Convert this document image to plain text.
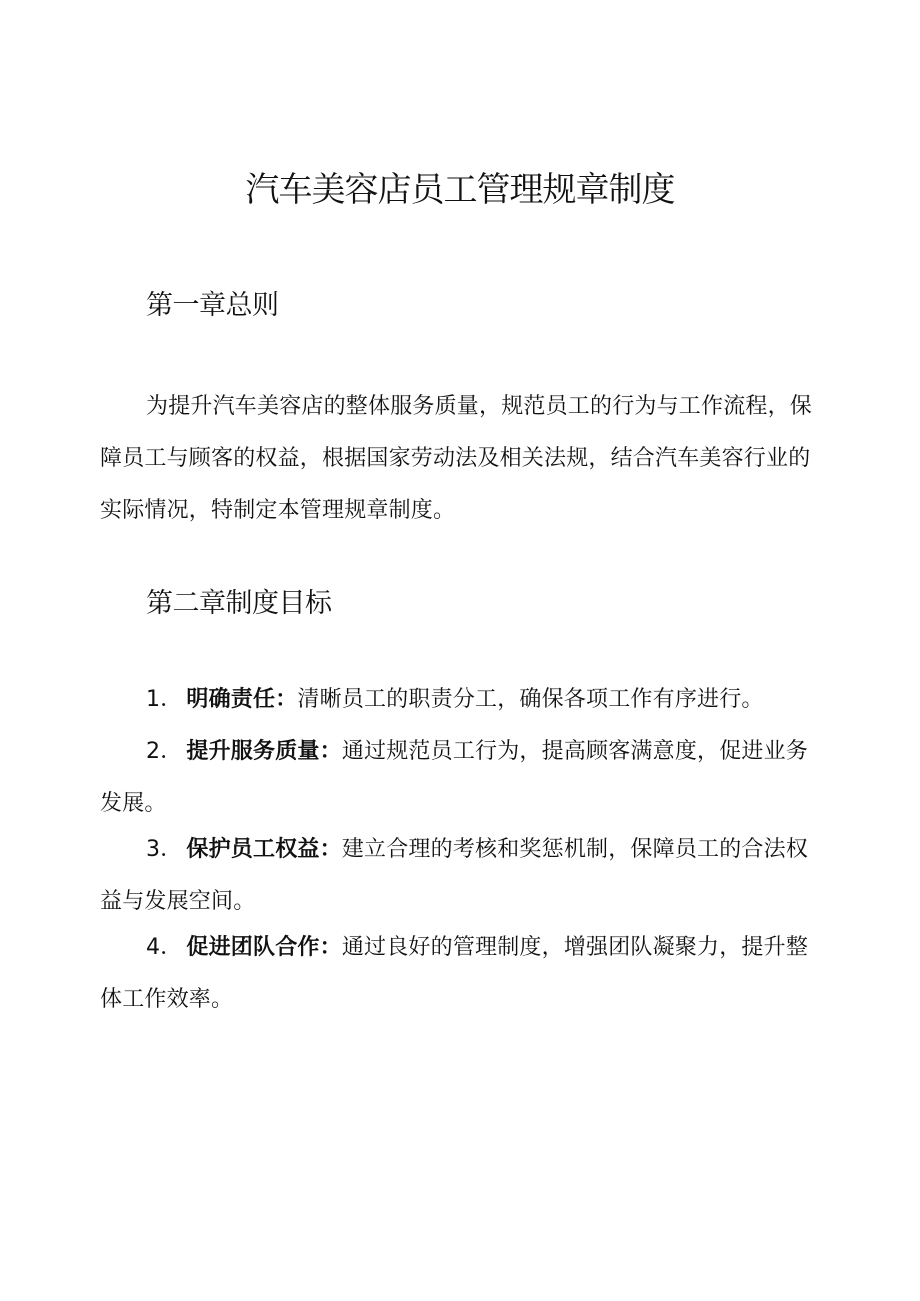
汽车美容店员工管理规章制度
第一章总则

为提升汽车美容店的整体服务质量，规范员工的行为与工作流程，保障员工与顾客的权益，根据国家劳动法及相关法规，结合汽车美容行业的实际情况，特制定本管理规章制度。

第二章制度目标

1． 明确责任：清晰员工的职责分工，确保各项工作有序进行。

2． 提升服务质量：通过规范员工行为，提高顾客满意度，促进业务发展。

3． 保护员工权益：建立合理的考核和奖惩机制，保障员工的合法权益与发展空间。

4． 促进团队合作：通过良好的管理制度，增强团队凝聚力，提升整体工作效率。
